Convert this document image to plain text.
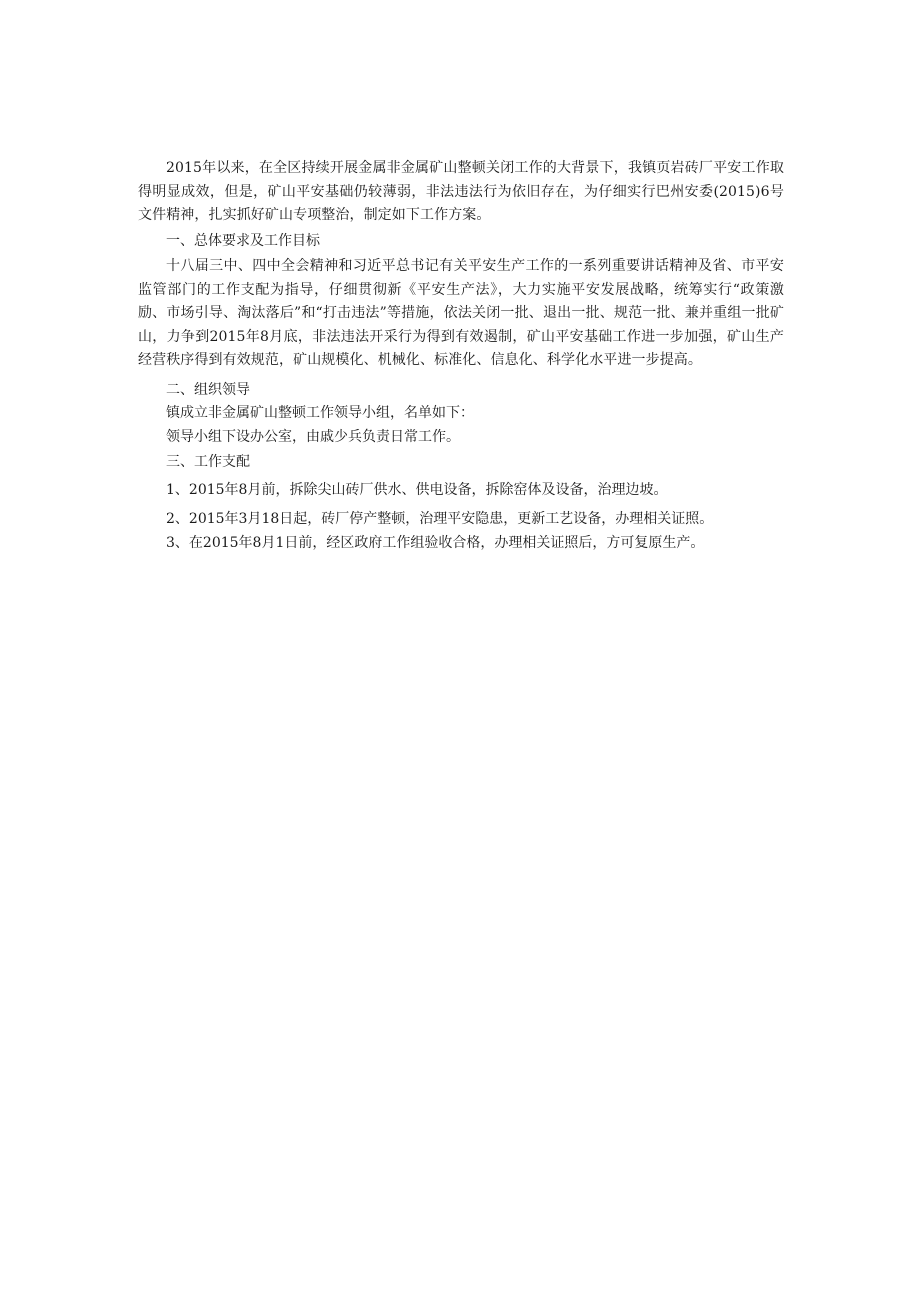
2015年以来，在全区持续开展金属非金属矿山整顿关闭工作的大背景下，我镇页岩砖厂平安工作取得明显成效，但是，矿山平安基础仍较薄弱，非法违法行为依旧存在，为仔细实行巴州安委(2015)6号文件精神，扎实抓好矿山专项整治，制定如下工作方案。

一、总体要求及工作目标

十八届三中、四中全会精神和习近平总书记有关平安生产工作的一系列重要讲话精神及省、市平安监管部门的工作支配为指导，仔细贯彻新《平安生产法》，大力实施平安发展战略，统筹实行“政策激励、市场引导、淘汰落后”和“打击违法”等措施，依法关闭一批、退出一批、规范一批、兼并重组一批矿山，力争到2015年8月底，非法违法开采行为得到有效遏制，矿山平安基础工作进一步加强，矿山生产经营秩序得到有效规范，矿山规模化、机械化、标准化、信息化、科学化水平进一步提高。

二、组织领导

镇成立非金属矿山整顿工作领导小组，名单如下：

领导小组下设办公室，由戚少兵负责日常工作。

三、工作支配

1、2015年8月前，拆除尖山砖厂供水、供电设备，拆除窑体及设备，治理边坡。

2、2015年3月18日起，砖厂停产整顿，治理平安隐患，更新工艺设备，办理相关证照。

3、在2015年8月1日前，经区政府工作组验收合格，办理相关证照后，方可复原生产。
